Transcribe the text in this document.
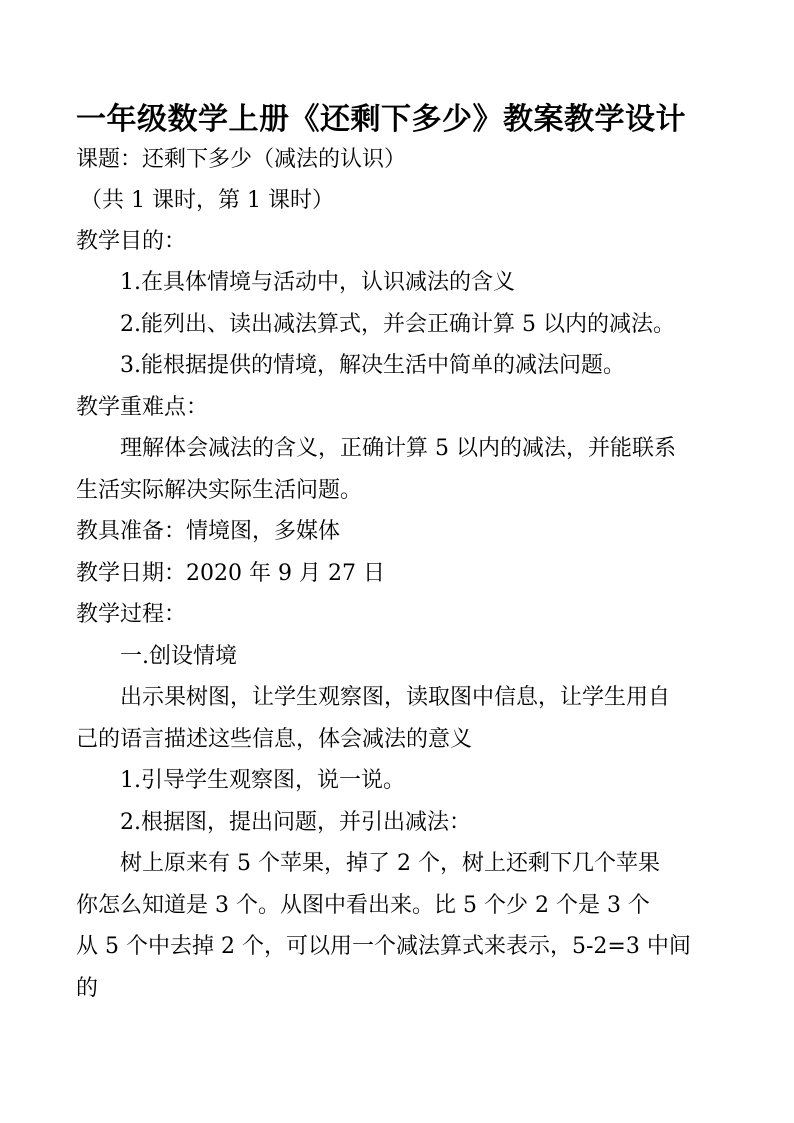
一年级数学上册《还剩下多少》教案教学设计
课题：还剩下多少（减法的认识）
（共 1 课时，第 1 课时）
教学目的：
1.在具体情境与活动中，认识减法的含义
2.能列出、读出减法算式，并会正确计算 5 以内的减法。
3.能根据提供的情境，解决生活中简单的减法问题。
教学重难点：
理解体会减法的含义，正确计算 5 以内的减法，并能联系
生活实际解决实际生活问题。
教具准备：情境图，多媒体
教学日期：2020 年 9 月 27 日
教学过程：
一.创设情境
出示果树图，让学生观察图，读取图中信息，让学生用自
己的语言描述这些信息，体会减法的意义
1.引导学生观察图，说一说。
2.根据图，提出问题，并引出减法：
树上原来有 5 个苹果，掉了 2 个，树上还剩下几个苹果
你怎么知道是 3 个。从图中看出来。比 5 个少 2 个是 3 个
从 5 个中去掉 2 个，可以用一个减法算式来表示，5-2=3 中间
的
